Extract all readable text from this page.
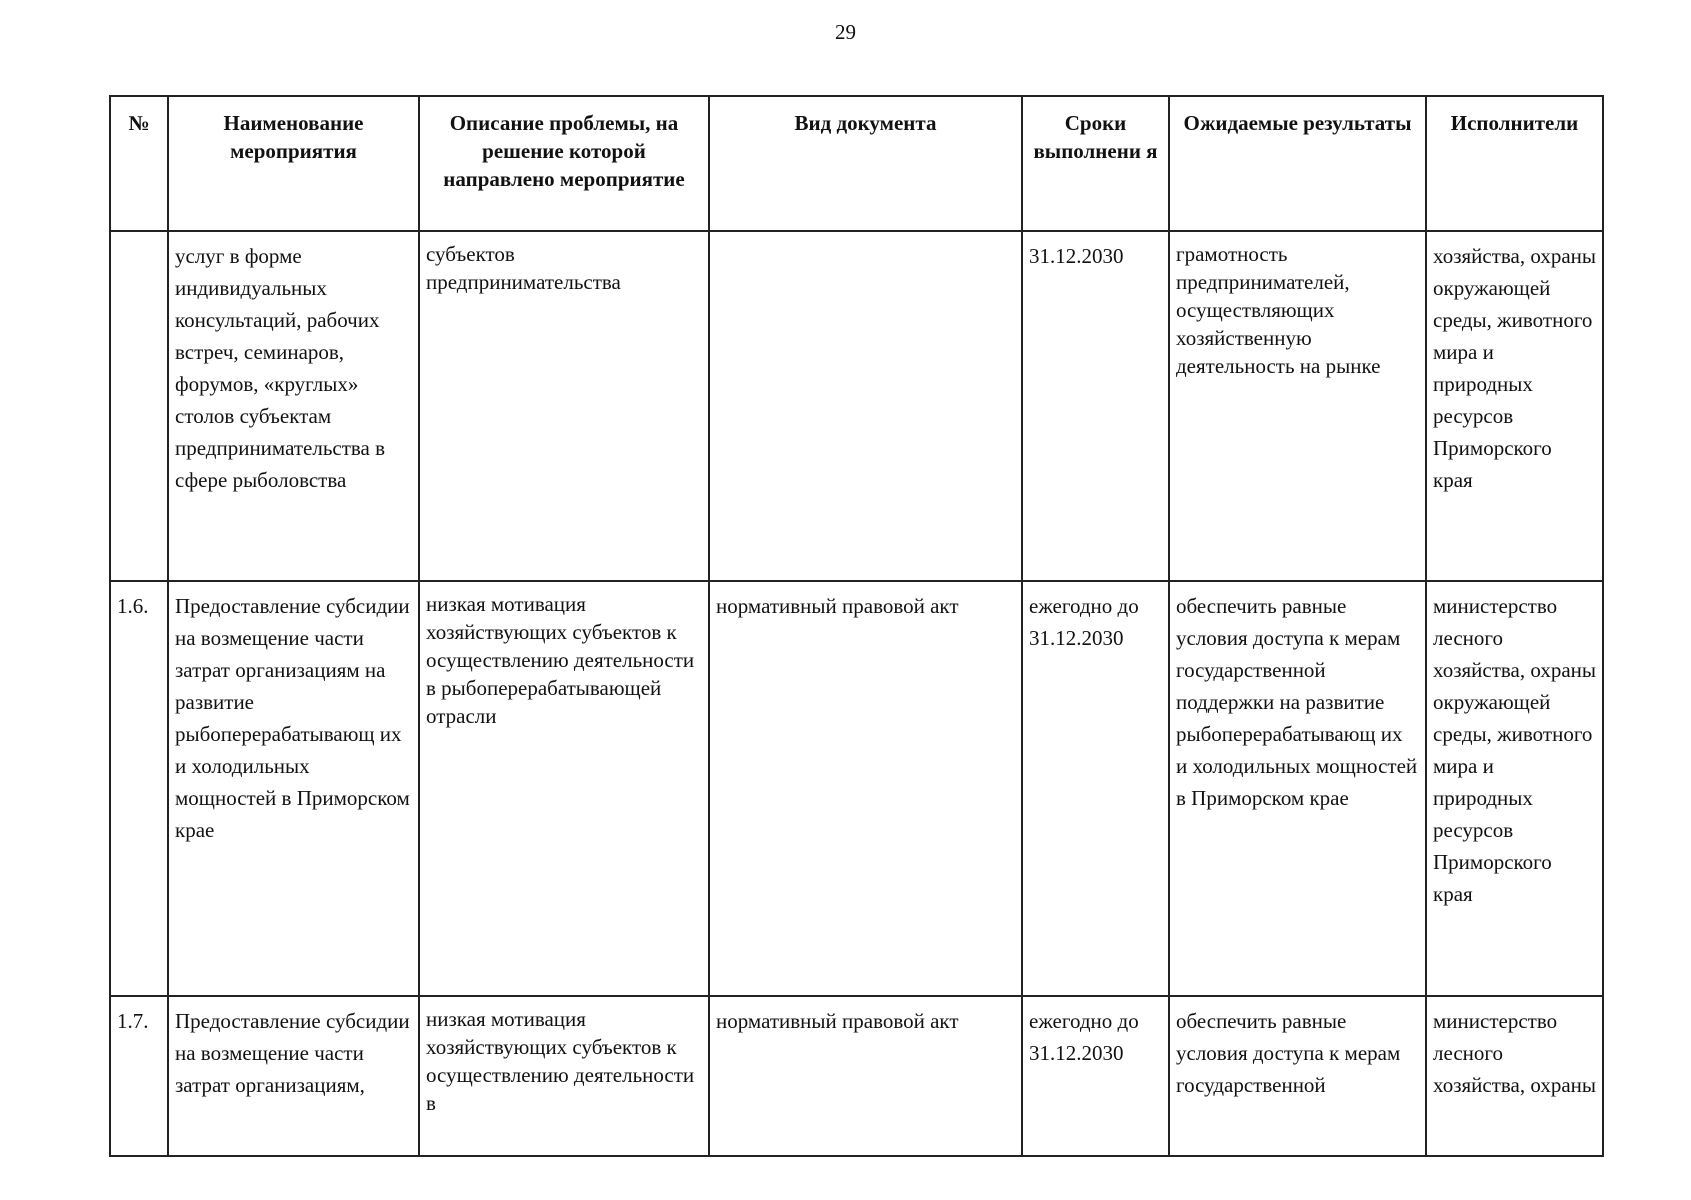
29
№	Наименование мероприятия	Описание проблемы, на решение которой направлено мероприятие	Вид документа	Сроки выполнени я	Ожидаемые результаты	Исполнители
	услуг в форме индивидуальных консультаций, рабочих встреч, семинаров, форумов, «круглых» столов субъектам предпринимательства в сфере рыболовства	субъектов предпринимательства		31.12.2030	грамотность предпринимателей, осуществляющих хозяйственную деятельность на рынке	хозяйства, охраны окружающей среды, животного мира и природных ресурсов Приморского края
1.6.	Предоставление субсидии на возмещение части затрат организациям на развитие рыбоперерабатывающ их и холодильных мощностей в Приморском крае	низкая мотивация хозяйствующих субъектов к осуществлению деятельности в рыбоперерабатывающей отрасли	нормативный правовой акт	ежегодно до 31.12.2030	обеспечить равные условия доступа к мерам государственной поддержки на развитие рыбоперерабатывающ их и холодильных мощностей в Приморском крае	министерство лесного хозяйства, охраны окружающей среды, животного мира и природных ресурсов Приморского края
1.7.	Предоставление субсидии на возмещение части затрат организациям,	низкая мотивация хозяйствующих субъектов к осуществлению деятельности в	нормативный правовой акт	ежегодно до 31.12.2030	обеспечить равные условия доступа к мерам государственной	министерство лесного хозяйства, охраны
